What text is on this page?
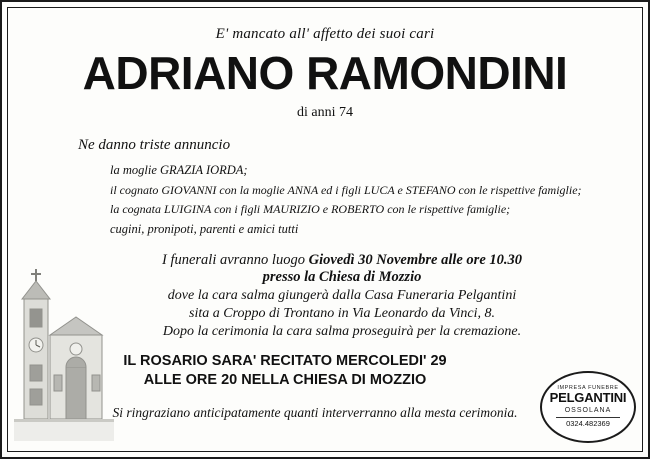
E' mancato all' affetto dei suoi cari
ADRIANO RAMONDINI
di anni 74
Ne danno triste annuncio
la moglie GRAZIA IORDA;
il cognato GIOVANNI con la moglie ANNA ed i figli LUCA e STEFANO con le rispettive famiglie;
la cognata LUIGINA con i figli MAURIZIO e ROBERTO con le rispettive famiglie;
cugini, pronipoti, parenti e amici tutti
I funerali avranno luogo Giovedì 30 Novembre alle ore 10.30
presso la Chiesa di Mozzio
dove la cara salma giungerà dalla Casa Funeraria Pelgantini
sita a Croppo di Trontano in Via Leonardo da Vinci, 8.
Dopo la cerimonia la cara salma proseguirà per la cremazione.
IL ROSARIO SARA' RECITATO MERCOLEDI' 29
ALLE ORE 20 NELLA CHIESA DI MOZZIO
Si ringraziano anticipatamente quanti interverranno alla mesta cerimonia.
IMPRESA FUNEBRE
PELGANTINI
OSSOLANA
0324.482369
